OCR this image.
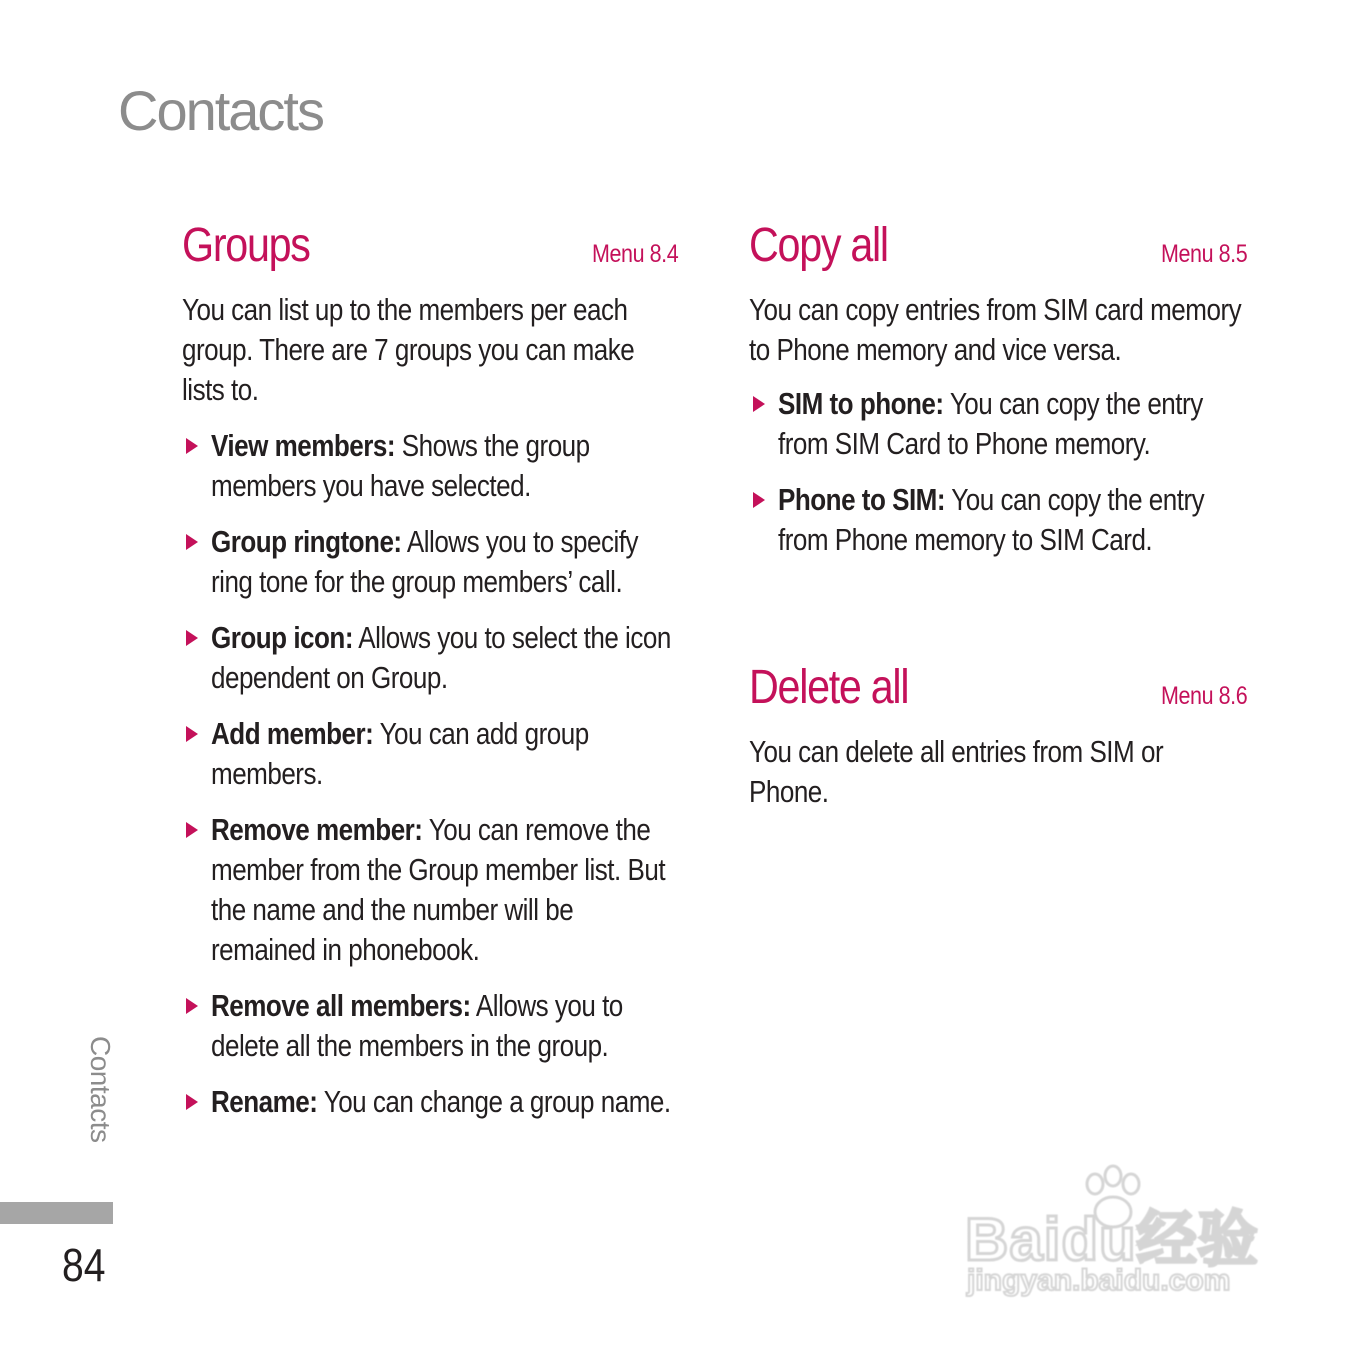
Contacts
Groups	Menu 8.4

You can list up to the members per each group. There are 7 groups you can make lists to.

View members: Shows the group members you have selected.
Group ringtone: Allows you to specify ring tone for the group members’ call.
Group icon: Allows you to select the icon dependent on Group.
Add member: You can add group members.
Remove member: You can remove the member from the Group member list. But the name and the number will be remained in phonebook.
Remove all members: Allows you to delete all the members in the group.
Rename: You can change a group name.
Copy all	Menu 8.5

You can copy entries from SIM card memory to Phone memory and vice versa.

SIM to phone: You can copy the entry from SIM Card to Phone memory.
Phone to SIM: You can copy the entry from Phone memory to SIM Card.
Delete all	Menu 8.6

You can delete all entries from SIM or Phone.

Contacts
84	Baidu经验
jingyan.baidu.com
